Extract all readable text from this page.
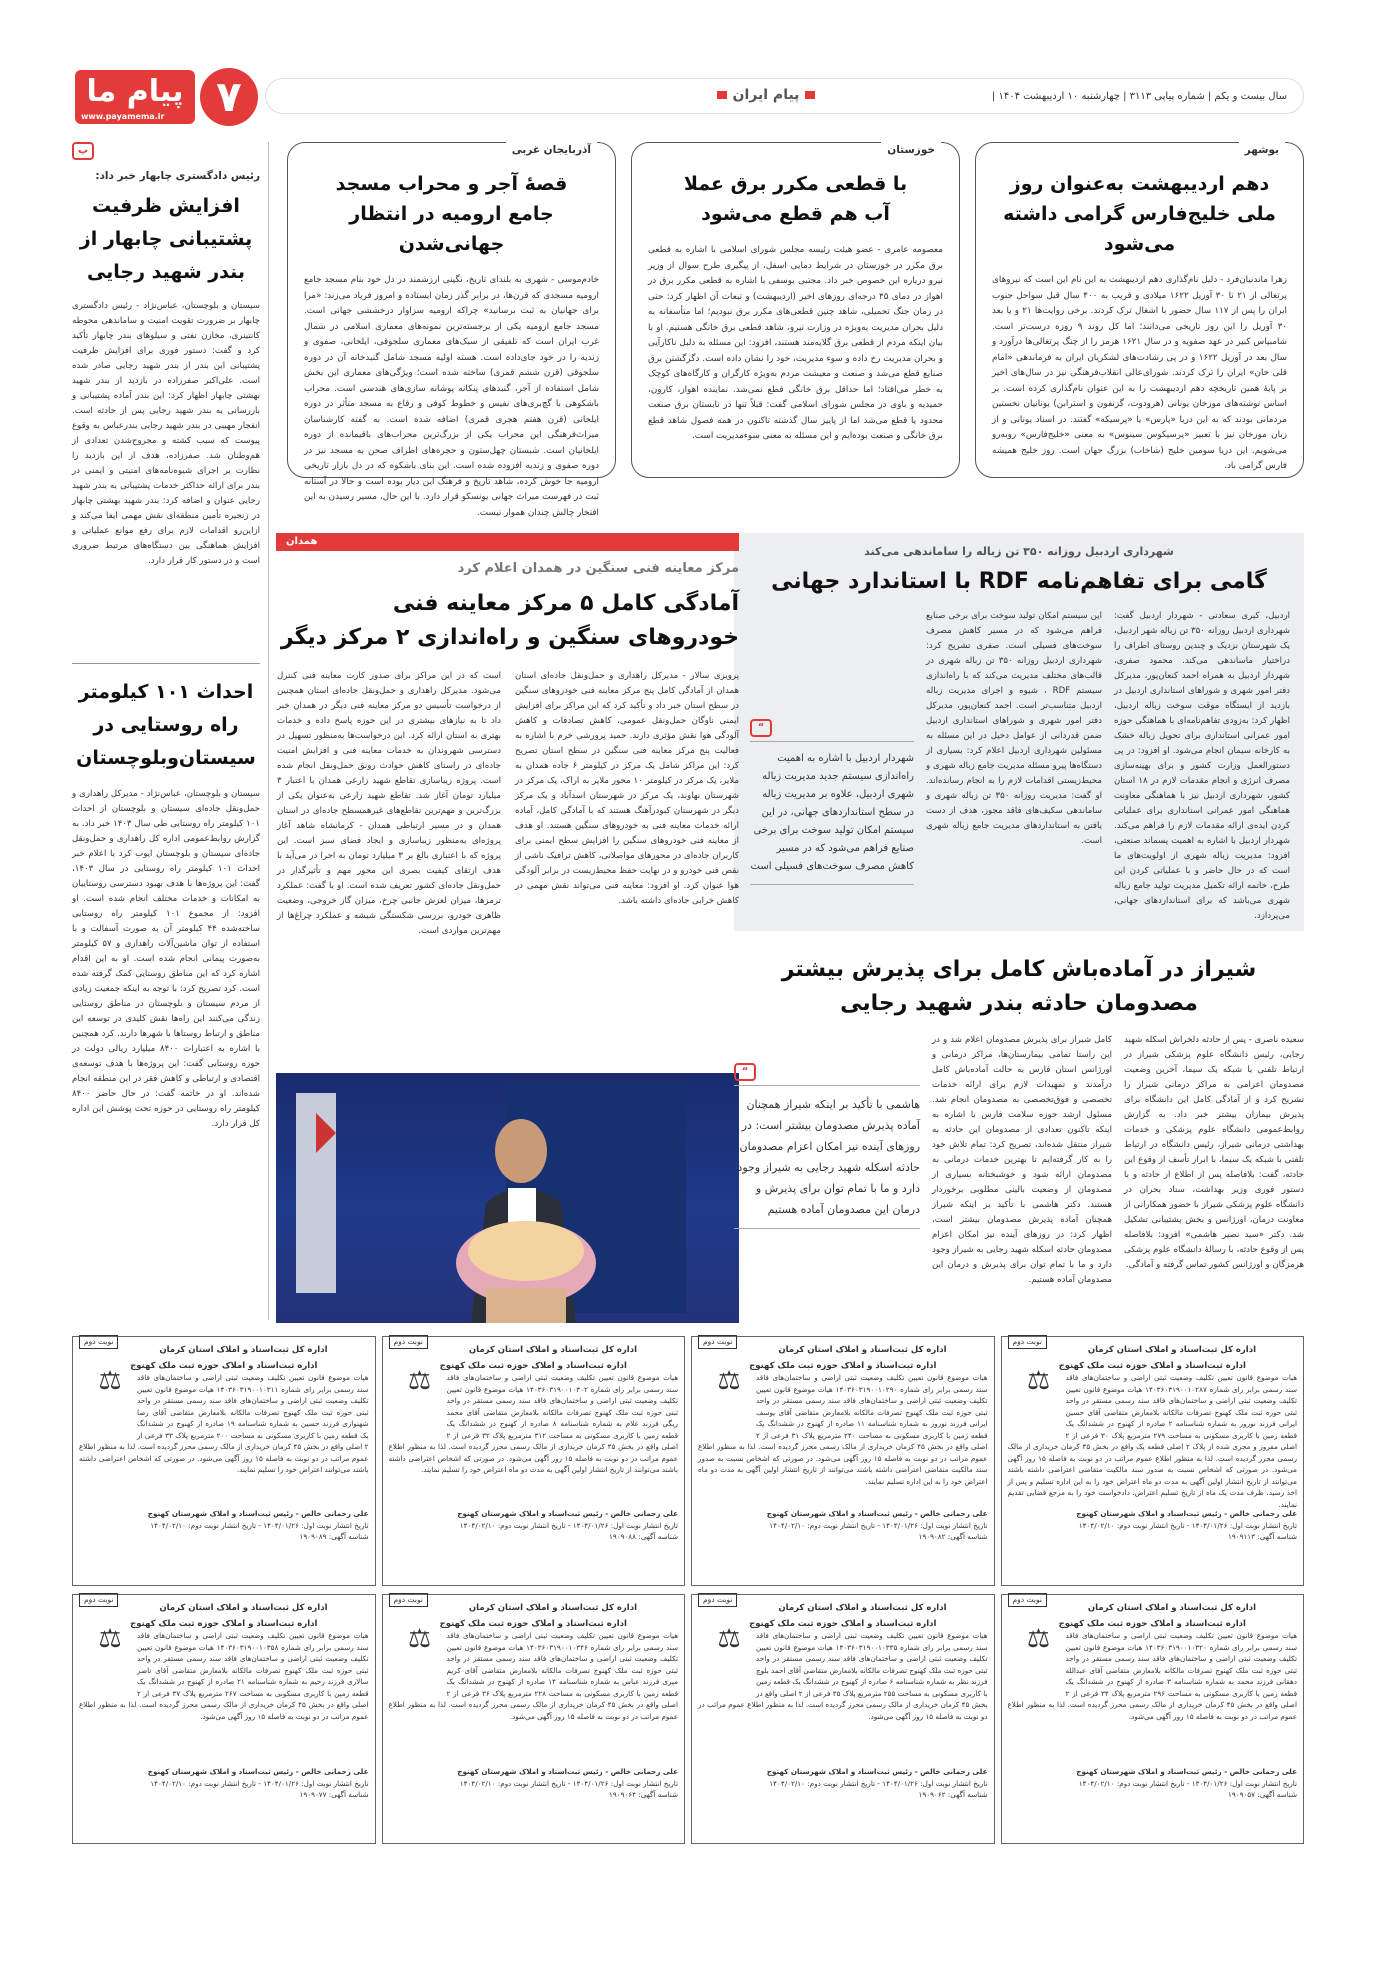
پیام ما
www.payamema.ir	۷	پیام ایران	سال بیست و یکم | شماره پیاپی ۳۱۱۳ | چهارشنبه ۱۰ اردیبهشت ۱۴۰۴ |
بوشهر
دهم اردیبهشت به‌عنوان روز ملی خلیج‌فارس گرامی داشته می‌شود
زهرا ماندنیان‌فرد - دلیل نام‌گذاری دهم اردیبهشت به این نام این است که نیروهای پرتغالی از ۲۱ تا ۳۰ آوریل ۱۶۲۲ میلادی و قریب به ۴۰۰ سال قبل سواحل جنوب ایران را پس از ۱۱۷ سال حضور با اشغال ترک کردند. برخی روایت‌ها ۲۱ و یا بعد ۳۰ آوریل را این روز تاریخی می‌دانند؛ اما کل روند ۹ روزه درست‌تر است. شامبیاس کبیر در عهد صفویه و در سال ۱۶۲۱ هرمز را از چنگ پرتغالی‌ها درآورد و سال بعد در آوریل ۱۶۲۲ و در پی رشادت‌های لشکریان ایران به فرماندهی «امام قلی خان» ایران را ترک کردند. شورای‌عالی انقلاب‌فرهنگی نیز در سال‌های اخیر بر پایهٔ همین تاریخچه دهم اردیبهشت را به این عنوان نام‌گذاری کرده است. بر اساس نوشته‌های مورخان یونانی (هرودوت، گزنفون و استرابن) یونانیان نخستین مردمانی بودند که به این دریا «پارس» یا «پرسیکه» گفتند. در اسناد یونانی و از زبان مورخان نیز با تعبیر «پرسیکوس سینوس» به معنی «خلیج‌فارس» روبه‌رو می‌شویم. این دریا سومین خلیج (شاخاب) بزرگ جهان است. روز خلیج همیشه فارس گرامی باد.
خوزستان
با قطعی مکرر برق عملا آب هم قطع می‌شود
معصومه عامری - عضو هیئت رئیسه مجلس شورای اسلامی با اشاره به قطعی برق مکرر در خوزستان در شرایط دمایی اسفل، از پیگیری طرح سوال از وزیر نیرو درباره این خصوص خبر داد. مجتبی یوسفی با اشاره به قطعی مکرر برق در اهواز در دمای ۴۵ درجه‌ای روزهای اخیر (اردیبهشت) و تبعات آن اظهار کرد: حتی در زمان جنگ تحمیلی، شاهد چنین قطعی‌های مکرر برق نبودیم؛ اما متأسفانه به دلیل بحران مدیریت به‌ویژه در وزارت نیرو، شاهد قطعی برق خانگی هستیم. او با بیان اینکه مردم از قطعی برق گلایه‌مند هستند، افزود: این مسئله به دلیل ناکارآیی و بحران مدیریت رخ داده و سوء مدیریت، خود را نشان داده است. دگرگشتن برق صنایع قطع می‌شد و صنعت و معیشت مردم به‌ویژه کارگران و کارگاه‌های کوچک به خطر می‌افتاد؛ اما حداقل برق خانگی قطع نمی‌شد. نماینده اهواز، کارون، حمیدیه و باوی در مجلس شورای اسلامی گفت: قبلاً تنها در تابستان برق صنعت محدود یا قطع می‌شد اما از پاییز سال گذشته تاکنون در همه فصول شاهد قطع برق خانگی و صنعت بوده‌ایم و این مسئله به معنی سوءمدیریت است.
آذربایجان غربی
قصهٔ آجر و محراب مسجد جامع ارومیه در انتظار جهانی‌شدن
خادم‌موسی - شهری به بلندای تاریخ، نگینی ارزشمند در دل خود بنام مسجد جامع ارومیه مسجدی که قرن‌ها، در برابر گذر زمان ایستاده و امروز فریاد می‌زند: «مرا برای جهانیان به ثبت برسانید» چراکه ارومیه سزاوار درخششی جهانی است. مسجد جامع ارومیه یکی از برجسته‌ترین نمونه‌های معماری اسلامی در شمال غرب ایران است که تلفیقی از سبک‌های معماری سلجوقی، ایلخانی، صفوی و زندیه را در خود جای‌داده است. هسته اولیه مسجد شامل گنبدخانه آن در دوره سلجوقی (قرن ششم قمری) ساخته شده است؛ ویژگی‌های معماری این بخش شامل استفاده از آجر، گنبدهای پنکانه پوشانه سازی‌های هندسی است. محراب باشکوهی با گچ‌بری‌های نفیس و خطوط کوفی و رقاع به مسجد متأثر در دوره ایلخانی (قرن هفتم هجری قمری) اضافه شده است. به گفته کارشناسان میراث‌فرهنگی این محراب یکی از بزرگ‌ترین محراب‌های باقیمانده از دوره ایلخانیان است. شبستان چهل‌ستون و حجره‌های اطراف صحن به مسجد نیز در دوره صفوی و زندیه افزوده شده است. این بنای باشکوه که در دل بازار تاریخی ارومیه جا خوش کرده، شاهد تاریخ و فرهنگ این دیار بوده است و حالا در آستانه ثبت در فهرست میراث جهانی یونسکو قرار دارد. با این حال، مسیر رسیدن به این افتخار چالش چندان هموار نیست.
پ
رئیس دادگستری چابهار خبر داد:
افزایش ظرفیت پشتیبانی چابهار از بندر شهید رجایی
سیستان و بلوچستان، عباس‌نژاد - رئیس دادگستری چابهار بر ضرورت تقویت امنیت و ساماندهی محوطه کانتینری، مخازن نفتی و سیلوهای بندر چابهار تأکید کرد و گفت: دستور فوری برای افزایش ظرفیت پشتیبانی این بندر از بندر شهید رجایی صادر شده است. علی‌اکبر صفرزاده در بازدید از بندر شهید بهشتی چابهار اظهار کرد: این بندر آماده پشتیبانی و باررسانی به بندر شهید رجایی پس از حادثه است. انفجار مهیبی در بندر شهید رجایی بندرعباس به وقوع پیوست که سبب کشته و مجروح‌شدن تعدادی از هم‌وطنان شد. صفرزاده، هدف از این بازدید را نظارت بر اجرای شیوه‌نامه‌های امنیتی و ایمنی در بندر برای ارائه حداکثر خدمات پشتیبانی به بندر شهید رجایی عنوان و اضافه کرد: بندر شهید بهشتی چابهار در زنجیره تأمین منطقه‌ای نقش مهمی ایفا می‌کند و ازاین‌رو اقدامات لازم برای رفع موانع عملیاتی و افزایش هماهنگی بین دستگاه‌های مرتبط ضروری است و در دستور کار قرار دارد.
احداث ۱۰۱ کیلومتر راه روستایی در سیستان‌وبلوچستان
سیستان و بلوچستان، عباس‌نژاد - مدیرکل راهداری و حمل‌ونقل جاده‌ای سیستان و بلوچستان از احداث ۱۰۱ کیلومتر راه روستایی طی سال ۱۴۰۳ خبر داد. به گزارش روابط‌عمومی اداره کل راهداری و حمل‌ونقل جاده‌ای سیستان و بلوچستان ایوب کرد با اعلام خبر احداث ۱۰۱ کیلومتر راه روستایی در سال ۱۴۰۳، گفت: این پروژه‌ها با هدف بهبود دسترسی روستاییان به امکانات و خدمات مختلف انجام شده است. او افزود: از مجموع ۱۰۱ کیلومتر راه روستایی ساخته‌شده ۴۴ کیلومتر آن به صورت آسفالت و با استفاده از توان ماشین‌آلات راهداری و ۵۷ کیلومتر به‌صورت پیمانی انجام شده است. او به این اقدام اشاره کرد که این مناطق روستایی کمک گرفته شده است. کرد تصریح کرد: با توجه به اینکه جمعیت زیادی از مردم سیستان و بلوچستان در مناطق روستایی زندگی می‌کنند این راه‌ها نقش کلیدی در توسعه این مناطق و ارتباط روستاها با شهرها دارند. کرد همچنین با اشاره به اعتبارات ۸۴۰۰ میلیارد ریالی دولت در حوزه روستایی گفت: این پروژه‌ها با هدف توسعه‌ی اقتصادی و ارتباطی و کاهش فقر در این منطقه انجام شده‌اند. او در خاتمه گفت: در حال حاضر ۸۴۰۰ کیلومتر راه روستایی در حوزه تحت پوشش این اداره کل قرار دارد.
شهرداری اردبیل روزانه ۳۵۰ تن زباله را ساماندهی می‌کند
گامی برای تفاهم‌نامه RDF با استاندارد جهانی
اردبیل، کبری سعادتی - شهردار اردبیل گفت: شهرداری اردبیل روزانه ۳۵۰ تن زباله شهر اردبیل، یک شهرستان نزدیک و چندین روستای اطراف را دراختیار ماساندهی می‌کند. محمود صفری، شهردار اردبیل به همراه احمد کنعان‌پور، مدیرکل دفتر امور شهری و شوراهای استانداری اردبیل در بازدید از ایستگاه موقت سوخت زباله اردبیل، اظهار کرد: به‌زودی تفاهم‌نامه‌ای با هماهنگی حوزه امور عمرانی استانداری برای تحویل زباله خشک به کارخانه سیمان انجام می‌شود. او افزود: در پی دستورالعمل وزارت کشور و برای بهینه‌سازی مصرف انرژی و انجام مقدمات لازم در ۱۸ استان کشور، شهرداری اردبیل نیز با هماهنگی معاونت هماهنگی امور عمرانی استانداری برای عملیاتی کردن ایده‌ی ارائه مقدمات لازم را فراهم می‌کند. شهردار اردبیل با اشاره به اهمیت پسماند صنعتی، افزود: مدیریت زباله شهری از اولویت‌های ما است که در حال حاضر و با عملیاتی کردن این طرح، خاتمه ارائه تکمیل مدیریت تولید جامع زباله شهری می‌باشد که برای استانداردهای جهانی، می‌پردازد.
این سیستم امکان تولید سوخت برای برخی صنایع فراهم می‌شود که در مسیر کاهش مصرف سوخت‌های فسیلی است. صفری تشریح کرد: شهرداری اردبیل روزانه ۳۵۰ تن زباله شهری در قالب‌های مختلف مدیریت می‌کند که با راه‌اندازی سیستم RDF ، شیوه و اجرای مدیریت زباله اردبیل متناسب‌تر است. احمد کنعان‌پور، مدیرکل دفتر امور شهری و شوراهای استانداری اردبیل ضمن قدردانی از عوامل دخیل در این مسئله به مسئولین شهرداری اردبیل اعلام کرد: بسیاری از دستگاه‌ها پیرو مسئله مدیریت جامع زباله شهری و محیط‌زیستی اقدامات لازم را به انجام رسانده‌اند. او گفت: مدیریت روزانه ۳۵۰ تن زباله شهری و ساماندهی سکیف‌های فاقد مجوز، هدف از دست یافتن به استانداردهای مدیریت جامع زباله شهری است.
“
شهردار اردبیل با اشاره به اهمیت راه‌اندازی سیستم جدید مدیریت زباله شهری اردبیل، علاوه بر مدیریت زباله در سطح استانداردهای جهانی، در این سیستم امکان تولید سوخت برای برخی صنایع فراهم می‌شود که در مسیر کاهش مصرف سوخت‌های فسیلی است
همدان
مرکز معاینه فنی سنگین در همدان اعلام کرد
آمادگی کامل ۵ مرکز معاینه فنی خودروهای سنگین و راه‌اندازی ۲ مرکز دیگر
پرویزی سالار - مدیرکل راهداری و حمل‌ونقل جاده‌ای استان همدان از آمادگی کامل پنج مرکز معاینه فنی خودروهای سنگین در سطح استان خبر داد و تأکید کرد که این مراکز برای افزایش ایمنی ناوگان حمل‌ونقل عمومی، کاهش تصادفات و کاهش آلودگی هوا نقش مؤثری دارند. حمید پرورشی خرم با اشاره به فعالیت پنج مرکز معاینه فنی سنگین در سطح استان تصریح کرد: این مراکز شامل یک مرکز در کیلومتر ۶ جاده همدان به ملایر، یک مرکز در کیلومتر ۱۰ محور ملایر به اراک، یک مرکز در شهرستان نهاوند، یک مرکز در شهرستان اسدآباد و یک مرکز دیگر در شهرستان کبودرآهنگ هستند که با آمادگی کامل، آماده ارائه خدمات معاینه فنی به خودروهای سنگین هستند. او هدف از معاینه فنی خودروهای سنگین را افزایش سطح ایمنی برای کاربران جاده‌ای در محورهای مواصلاتی، کاهش ترافیک ناشی از نقص فنی خودرو و در نهایت حفظ محیط‌زیست در برابر آلودگی هوا عنوان کرد. او افزود: معاینه فنی می‌تواند نقش مهمی در کاهش خرابی جاده‌ای داشته باشد.
است که در این مراکز برای صدور کارت معاینه فنی کنترل می‌شود. مدیرکل راهداری و حمل‌ونقل جاده‌ای استان همچنین از درخواست تأسیس دو مرکز معاینه فنی دیگر در همدان خبر داد تا به نیازهای بیشتری در این حوزه پاسخ داده و خدمات بهتری به استان ارائه کرد. این درخواست‌ها به‌منظور تسهیل در دسترسی شهروندان به خدمات معاینه فنی و افزایش امنیت جاده‌ای در راستای کاهش حوادث رونق حمل‌ونقل انجام شده است. پروژه زیباسازی تقاطع شهید زارعی همدان با اعتبار ۳ میلیارد تومان آغاز شد. تقاطع شهید زارعی به‌عنوان یکی از بزرگ‌ترین و مهم‌ترین تقاطع‌های غیرهمسطح جاده‌ای در استان همدان و در مسیر ارتباطی همدان - کرمانشاه شاهد آغاز پروژه‌ای به‌منظور زیباسازی و ایجاد فضای سبز است. این پروژه که با اعتباری بالغ بر ۳ میلیارد تومان به اجرا در می‌آید با هدف ارتقای کیفیت بصری این محور مهم و تأثیرگذار در حمل‌ونقل جاده‌ای کشور تعریف شده است. او با گفت: عملکرد ترمزها، میزان لغزش جانبی چرخ، میزان گاز خروجی، وضعیت ظاهری خودرو، بررسی شکستگی شیشه و عملکرد چراغ‌ها از مهم‌ترین مواردی است.
شیراز در آماده‌باش کامل برای پذیرش بیشتر مصدومان حادثه بندر شهید رجایی
سعیده ناصری - پس از حادثه دلخراش اسکله شهید رجایی، رئیس دانشگاه علوم پزشکی شیراز در ارتباط تلفنی با شبکه یک سیما، آخرین وضعیت مصدومان اعزامی به مراکز درمانی شیراز را تشریح کرد و از آمادگی کامل این دانشگاه برای پذیرش بیماران بیشتر خبر داد. به گزارش روابط‌عمومی دانشگاه علوم پزشکی و خدمات بهداشتی درمانی شیراز، رئیس دانشگاه در ارتباط تلفنی با شبکه یک سیما، با ابراز تأسف از وقوع این حادثه، گفت: بلافاصله پس از اطلاع از حادثه و با دستور فوری وزیر بهداشت، ستاد بحران در دانشگاه علوم پزشکی شیراز با حضور همکارانی از معاونت درمان، اورژانس و بخش پشتیبانی تشکیل شد. دکتر «سید نصیر هاشمی» افزود: بلافاصله پس از وقوع حادثه، با رسالهٔ دانشگاه علوم پزشکی هرمزگان و اورژانس کشور تماس گرفته و آمادگی.
کامل شیراز برای پذیرش مصدومان اعلام شد و در این راستا تمامی بیمارستان‌ها، مراکز درمانی و اورژانس استان فارس به حالت آماده‌باش کامل درآمدند و تمهیدات لازم برای ارائه خدمات تخصصی و فوق‌تخصصی به مصدومان انجام شد. مسئول ارشد حوزه سلامت فارس با اشاره به اینکه تاکنون تعدادی از مصدومان این حادثه به شیراز منتقل شده‌اند، تصریح کرد: تمام تلاش خود را به کار گرفته‌ایم تا بهترین خدمات درمانی به مصدومان ارائه شود و خوشبختانه بسیاری از مصدومان از وضعیت بالینی مطلوبی برخوردار هستند. دکتر هاشمی با تأکید بر اینکه شیراز همچنان آماده پذیرش مصدومان بیشتر است، اظهار کرد: در روزهای آینده نیز امکان اعزام مصدومان حادثه اسکله شهید رجایی به شیراز وجود دارد و ما با تمام توان برای پذیرش و درمان این مصدومان آماده هستیم.
“
هاشمی با تأکید بر اینکه شیراز همچنان آماده پذیرش مصدومان بیشتر است: در روزهای آینده نیز امکان اعزام مصدومان حادثه اسکله شهید رجایی به شیراز وجود دارد و ما با تمام توان برای پذیرش و درمان این مصدومان آماده هستیم
نوبت دوم
اداره کل ثبت‌اسناد و املاک استان کرمان
اداره ثبت‌اسناد و املاک حوزه ثبت ملک کهنوج
⚖	هیات موضوع قانون تعیین تکلیف وضعیت ثبتی اراضی و ساختمان‌های فاقد سند رسمی برابر رای شماره ۱۴۰۳۶۰۳۱۹۰۰۱۰۲۸۷ هیات موضوع قانون تعیین تکلیف وضعیت ثبتی اراضی و ساختمان‌های فاقد سند رسمی مستقر در واحد ثبتی حوزه ثبت ملک کهنوج تصرفات مالکانه بلامعارض متقاضی آقای حسین ایرانی فرزند نوروز به شماره شناسنامه ۲ صادره از کهنوج در ششدانگ یک قطعه زمین با کاربری مسکونی به مساحت ۲۷۹ مترمربع پلاک ۳۰ فرعی از ۲ اصلی مفروز و مجزی شده از پلاک ۲ اصلی قطعه یک واقع در بخش ۴۵ کرمان خریداری از مالک رسمی محرز گردیده است. لذا به منظور اطلاع عموم مراتب در دو نوبت به فاصله ۱۵ روز آگهی می‌شود. در صورتی که اشخاص نسبت به صدور سند مالکیت متقاضی اعتراضی داشته باشند می‌توانند از تاریخ انتشار اولین آگهی به مدت دو ماه اعتراض خود را به این اداره تسلیم و پس از اخذ رسید، ظرف مدت یک ماه از تاریخ تسلیم اعتراض، دادخواست خود را به مرجع قضایی تقدیم نمایند.
علی رحمانی خالص - رئیس ثبت‌اسناد و املاک شهرستان کهنوج
تاریخ انتشار نوبت اول: ۱۴۰۴/۰۱/۲۶ - تاریخ انتشار نوبت دوم: ۱۴۰۴/۰۲/۱۰
شناسه آگهی: ۱۹۰۹۱۱۳
نوبت دوم
اداره کل ثبت‌اسناد و املاک استان کرمان
اداره ثبت‌اسناد و املاک حوزه ثبت ملک کهنوج
⚖	هیات موضوع قانون تعیین تکلیف وضعیت ثبتی اراضی و ساختمان‌های فاقد سند رسمی برابر رای شماره ۱۴۰۳۶۰۳۱۹۰۰۱۰۲۹۰ هیات موضوع قانون تعیین تکلیف وضعیت ثبتی اراضی و ساختمان‌های فاقد سند رسمی مستقر در واحد ثبتی حوزه ثبت ملک کهنوج تصرفات مالکانه بلامعارض متقاضی آقای یوسف ایرانی فرزند نوروز به شماره شناسنامه ۱۱ صادره از کهنوج در ششدانگ یک قطعه زمین با کاربری مسکونی به مساحت ۲۴۰ مترمربع پلاک ۳۱ فرعی از ۲ اصلی واقع در بخش ۴۵ کرمان خریداری از مالک رسمی محرز گردیده است. لذا به منظور اطلاع عموم مراتب در دو نوبت به فاصله ۱۵ روز آگهی می‌شود. در صورتی که اشخاص نسبت به صدور سند مالکیت متقاضی اعتراضی داشته باشند می‌توانند از تاریخ انتشار اولین آگهی به مدت دو ماه اعتراض خود را به این اداره تسلیم نمایند.
علی رحمانی خالص - رئیس ثبت‌اسناد و املاک شهرستان کهنوج
تاریخ انتشار نوبت اول: ۱۴۰۴/۰۱/۲۶ - تاریخ انتشار نوبت دوم: ۱۴۰۴/۰۲/۱۰
شناسه آگهی: ۱۹۰۹۰۸۲
نوبت دوم
اداره کل ثبت‌اسناد و املاک استان کرمان
اداره ثبت‌اسناد و املاک حوزه ثبت ملک کهنوج
⚖	هیات موضوع قانون تعیین تکلیف وضعیت ثبتی اراضی و ساختمان‌های فاقد سند رسمی برابر رای شماره ۱۴۰۳۶۰۳۱۹۰۰۱۰۳۰۲ هیات موضوع قانون تعیین تکلیف وضعیت ثبتی اراضی و ساختمان‌های فاقد سند رسمی مستقر در واحد ثبتی حوزه ثبت ملک کهنوج تصرفات مالکانه بلامعارض متقاضی آقای محمد ریگی فرزند غلام به شماره شناسنامه ۸ صادره از کهنوج در ششدانگ یک قطعه زمین با کاربری مسکونی به مساحت ۳۱۲ مترمربع پلاک ۳۲ فرعی از ۲ اصلی واقع در بخش ۴۵ کرمان خریداری از مالک رسمی محرز گردیده است. لذا به منظور اطلاع عموم مراتب در دو نوبت به فاصله ۱۵ روز آگهی می‌شود. در صورتی که اشخاص اعتراضی داشته باشند می‌توانند از تاریخ انتشار اولین آگهی به مدت دو ماه اعتراض خود را تسلیم نمایند.
علی رحمانی خالص - رئیس ثبت‌اسناد و املاک شهرستان کهنوج
تاریخ انتشار نوبت اول: ۱۴۰۴/۰۱/۲۶ - تاریخ انتشار نوبت دوم: ۱۴۰۴/۰۲/۱۰
شناسه آگهی: ۱۹۰۹۰۸۸
نوبت دوم
اداره کل ثبت‌اسناد و املاک استان کرمان
اداره ثبت‌اسناد و املاک حوزه ثبت ملک کهنوج
⚖	هیات موضوع قانون تعیین تکلیف وضعیت ثبتی اراضی و ساختمان‌های فاقد سند رسمی برابر رای شماره ۱۴۰۳۶۰۳۱۹۰۰۱۰۳۱۱ هیات موضوع قانون تعیین تکلیف وضعیت ثبتی اراضی و ساختمان‌های فاقد سند رسمی مستقر در واحد ثبتی حوزه ثبت ملک کهنوج تصرفات مالکانه بلامعارض متقاضی آقای رضا شهنوازی فرزند حسین به شماره شناسنامه ۱۹ صادره از کهنوج در ششدانگ یک قطعه زمین با کاربری مسکونی به مساحت ۲۰۰ مترمربع پلاک ۳۳ فرعی از ۲ اصلی واقع در بخش ۴۵ کرمان خریداری از مالک رسمی محرز گردیده است. لذا به منظور اطلاع عموم مراتب در دو نوبت به فاصله ۱۵ روز آگهی می‌شود. در صورتی که اشخاص اعتراضی داشته باشند می‌توانند اعتراض خود را تسلیم نمایند.
علی رحمانی خالص - رئیس ثبت‌اسناد و املاک شهرستان کهنوج
تاریخ انتشار نوبت اول: ۱۴۰۴/۰۱/۲۶ - تاریخ انتشار نوبت دوم: ۱۴۰۴/۰۲/۱۰
شناسه آگهی: ۱۹۰۹۰۸۹
نوبت دوم
اداره کل ثبت‌اسناد و املاک استان کرمان
اداره ثبت‌اسناد و املاک حوزه ثبت ملک کهنوج
⚖	هیات موضوع قانون تعیین تکلیف وضعیت ثبتی اراضی و ساختمان‌های فاقد سند رسمی برابر رای شماره ۱۴۰۳۶۰۳۱۹۰۰۱۰۳۲۰ هیات موضوع قانون تعیین تکلیف وضعیت ثبتی اراضی و ساختمان‌های فاقد سند رسمی مستقر در واحد ثبتی حوزه ثبت ملک کهنوج تصرفات مالکانه بلامعارض متقاضی آقای عبدالله دهقانی فرزند محمد به شماره شناسنامه ۳ صادره از کهنوج در ششدانگ یک قطعه زمین با کاربری مسکونی به مساحت ۲۹۶ مترمربع پلاک ۳۴ فرعی از ۲ اصلی واقع در بخش ۴۵ کرمان خریداری از مالک رسمی محرز گردیده است. لذا به منظور اطلاع عموم مراتب در دو نوبت به فاصله ۱۵ روز آگهی می‌شود.
علی رحمانی خالص - رئیس ثبت‌اسناد و املاک شهرستان کهنوج
تاریخ انتشار نوبت اول: ۱۴۰۴/۰۱/۲۶ - تاریخ انتشار نوبت دوم: ۱۴۰۴/۰۲/۱۰
شناسه آگهی: ۱۹۰۹۰۵۷
نوبت دوم
اداره کل ثبت‌اسناد و املاک استان کرمان
اداره ثبت‌اسناد و املاک حوزه ثبت ملک کهنوج
⚖	هیات موضوع قانون تعیین تکلیف وضعیت ثبتی اراضی و ساختمان‌های فاقد سند رسمی برابر رای شماره ۱۴۰۳۶۰۳۱۹۰۰۱۰۳۳۵ هیات موضوع قانون تعیین تکلیف وضعیت ثبتی اراضی و ساختمان‌های فاقد سند رسمی مستقر در واحد ثبتی حوزه ثبت ملک کهنوج تصرفات مالکانه بلامعارض متقاضی آقای احمد بلوچ فرزند نظر به شماره شناسنامه ۶ صادره از کهنوج در ششدانگ یک قطعه زمین با کاربری مسکونی به مساحت ۲۵۵ مترمربع پلاک ۳۵ فرعی از ۲ اصلی واقع در بخش ۴۵ کرمان خریداری از مالک رسمی محرز گردیده است. لذا به منظور اطلاع عموم مراتب در دو نوبت به فاصله ۱۵ روز آگهی می‌شود.
علی رحمانی خالص - رئیس ثبت‌اسناد و املاک شهرستان کهنوج
تاریخ انتشار نوبت اول: ۱۴۰۴/۰۱/۲۶ - تاریخ انتشار نوبت دوم: ۱۴۰۴/۰۲/۱۰
شناسه آگهی: ۱۹۰۹۰۶۲
نوبت دوم
اداره کل ثبت‌اسناد و املاک استان کرمان
اداره ثبت‌اسناد و املاک حوزه ثبت ملک کهنوج
⚖	هیات موضوع قانون تعیین تکلیف وضعیت ثبتی اراضی و ساختمان‌های فاقد سند رسمی برابر رای شماره ۱۴۰۳۶۰۳۱۹۰۰۱۰۳۴۶ هیات موضوع قانون تعیین تکلیف وضعیت ثبتی اراضی و ساختمان‌های فاقد سند رسمی مستقر در واحد ثبتی حوزه ثبت ملک کهنوج تصرفات مالکانه بلامعارض متقاضی آقای کریم میری فرزند عباس به شماره شناسنامه ۱۴ صادره از کهنوج در ششدانگ یک قطعه زمین با کاربری مسکونی به مساحت ۲۲۸ مترمربع پلاک ۳۶ فرعی از ۲ اصلی واقع در بخش ۴۵ کرمان خریداری از مالک رسمی محرز گردیده است. لذا به منظور اطلاع عموم مراتب در دو نوبت به فاصله ۱۵ روز آگهی می‌شود.
علی رحمانی خالص - رئیس ثبت‌اسناد و املاک شهرستان کهنوج
تاریخ انتشار نوبت اول: ۱۴۰۴/۰۱/۲۶ - تاریخ انتشار نوبت دوم: ۱۴۰۴/۰۲/۱۰
شناسه آگهی: ۱۹۰۹۰۶۴
نوبت دوم
اداره کل ثبت‌اسناد و املاک استان کرمان
اداره ثبت‌اسناد و املاک حوزه ثبت ملک کهنوج
⚖	هیات موضوع قانون تعیین تکلیف وضعیت ثبتی اراضی و ساختمان‌های فاقد سند رسمی برابر رای شماره ۱۴۰۳۶۰۳۱۹۰۰۱۰۳۵۸ هیات موضوع قانون تعیین تکلیف وضعیت ثبتی اراضی و ساختمان‌های فاقد سند رسمی مستقر در واحد ثبتی حوزه ثبت ملک کهنوج تصرفات مالکانه بلامعارض متقاضی آقای ناصر سالاری فرزند رحیم به شماره شناسنامه ۲۱ صادره از کهنوج در ششدانگ یک قطعه زمین با کاربری مسکونی به مساحت ۲۶۷ مترمربع پلاک ۳۷ فرعی از ۲ اصلی واقع در بخش ۴۵ کرمان خریداری از مالک رسمی محرز گردیده است. لذا به منظور اطلاع عموم مراتب در دو نوبت به فاصله ۱۵ روز آگهی می‌شود.
علی رحمانی خالص - رئیس ثبت‌اسناد و املاک شهرستان کهنوج
تاریخ انتشار نوبت اول: ۱۴۰۴/۰۱/۲۶ - تاریخ انتشار نوبت دوم: ۱۴۰۴/۰۲/۱۰
شناسه آگهی: ۱۹۰۹۰۷۷
